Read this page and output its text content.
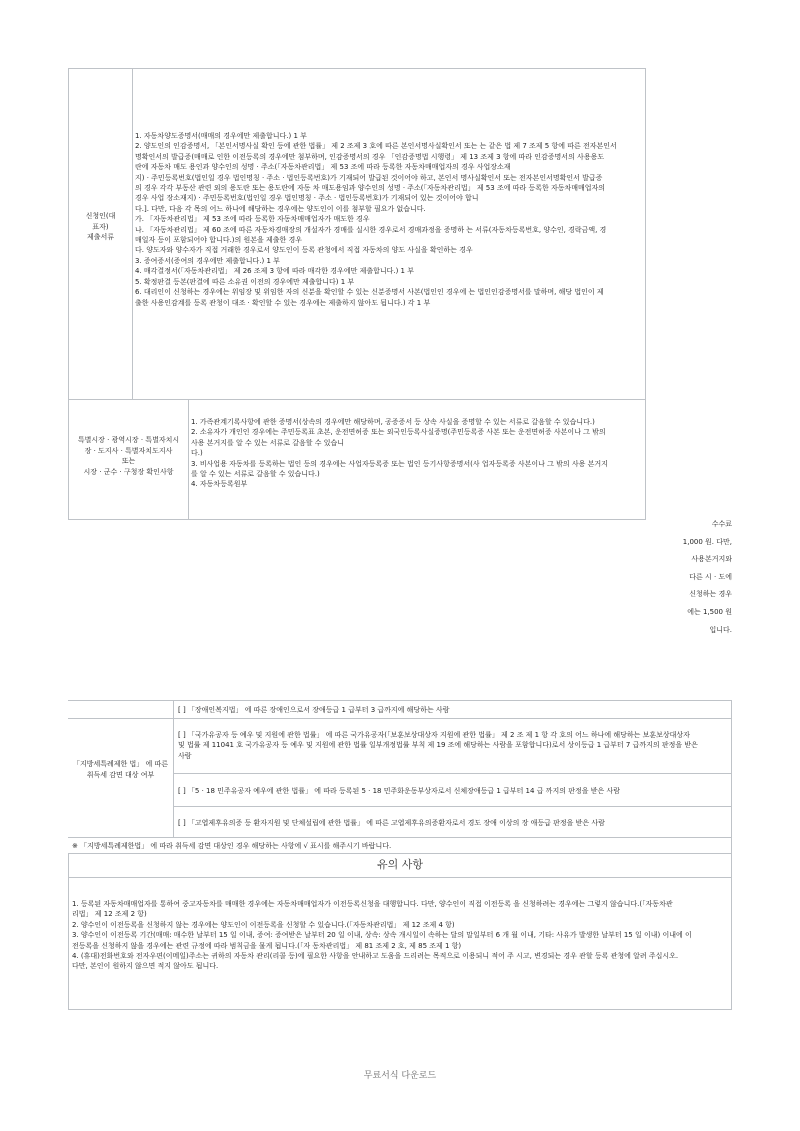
신청인(대
표자)
제출서류
1. 자동차양도증명서(매매의 경우에만 제출합니다.) 1 부
2. 양도인의 인감증명서, 「본인서명사실 확인 등에 관한 법률」 제 2 조제 3 호에 따른 본인서명사실확인서 또는 는 같은 법 제 7 조제 5 항에 따른 전자본인서
명확인서의 발급증(매매로 인한 이전등록의 경우에만 첨부하며, 인감증명서의 경우 「인감증명법 시행령」 제 13 조제 3 항에 따라 인감증명서의 사용용도
란에 자동차 매도 용인과 양수인의 성명 · 주소(「자동차관리법」 제 53 조에 따라 등록한 자동차매매업자의 경우 사업장소재
지) · 주민등록번호(법인일 경우 법인명칭 · 주소 · 법인등록번호)가 기재되어 발급된 것이어야 하고, 본인서 명사실확인서 또는 전자본인서명확인서 발급증
의 경우 각각 부동산 관련 외의 용도란 또는 용도란에 자동 차 매도용임과 양수인의 성명 · 주소(「자동차관리법」 제 53 조에 따라 등록한 자동차매매업자의
경우 사업 장소재지) · 주민등록번호(법인일 경우 법인명칭 · 주소 · 법인등록번호)가 기재되어 있는 것이어야 합니
다.]. 다만, 다음 각 목의 어느 하나에 해당하는 경우에는 양도인이 이를 첨부할 필요가 없습니다.
가. 「자동차관리법」 제 53 조에 따라 등록한 자동차매매업자가 매도한 경우
나. 「자동차관리법」 제 60 조에 따른 자동차경매장의 개설자가 경매를 실시한 경우로서 경매과정을 증명하 는 서류(자동차등록번호, 양수인, 경락금액, 경
매일자 등이 포함되어야 합니다.)의 원본을 제출한 경우
다. 양도자와 양수자가 직접 거래한 경우로서 양도인이 등록 관청에서 직접 자동차의 양도 사실을 확인하는 경우
3. 증여증서(증여의 경우에만 제출합니다.) 1 부
4. 매각결정서(「자동차관리법」 제 26 조제 3 항에 따라 매각한 경우에만 제출합니다.) 1 부
5. 확정판결 등본(판결에 따른 소유권 이전의 경우에만 제출합니다) 1 부
6. 대리인이 신청하는 경우에는 위임장 및 위임한 자의 신분을 확인할 수 있는 신분증명서 사본(법인인 경우에 는 법인인감증명서를 말하며, 해당 법인이 제
출한 사용인감계를 등록 관청이 대조 · 확인할 수 있는 경우에는 제출하지 않아도 됩니다.) 각 1 부
특별시장 · 광역시장 · 특별자치시
장 · 도지사 · 특별자치도지사
또는
시장 · 군수 · 구청장 확인사항
1. 가족관계기록사항에 관한 증명서(상속의 경우에만 해당하며, 공증증서 등 상속 사실을 증명할 수 있는 서류로 갈음할 수 있습니다.)
2. 소유자가 개인인 경우에는 주민등록표 초본, 운전면허증 또는 외국인등록사실증명(주민등록증 사본 또는 운전면허증 사본이나 그 밖의
사용 본거지를 알 수 있는 서류로 갈음할 수 있습니
다.)
3. 비사업용 자동차를 등록하는 법인 등의 경우에는 사업자등록증 또는 법인 등기사항증명서(사 업자등록증 사본이나 그 밖의 사용 본거지
를 알 수 있는 서류로 갈음할 수 있습니다.)
4. 자동차등록원부
수수료
1,000 원. 다만,
사용본거지와
다른 시 · 도에
신청하는 경우
에는 1,500 원
입니다.
「지방세특례제한 법」 에 따른
취득세 감면 대상 여부
[ ] 「장애인복지법」 에 따른 장애인으로서 장애등급 1 급부터 3 급까지에 해당하는 사람
[ ] 「국가유공자 등 예우 및 지원에 관한 법률」 에 따른 국가유공자(「보훈보상대상자 지원에 관한 법률」 제 2 조 제 1 항 각 호의 어느 하나에 해당하는 보훈보상대상자
및 법률 제 11041 호 국가유공자 등 예우 및 지원에 관한 법률 일부개정법률 부칙 제 19 조에 해당하는 사람을 포함합니다)로서 상이등급 1 급부터 7 급까지의 판정을 받은
사람
[ ] 「5 · 18 민주유공자 예우에 관한 법률」 에 따라 등록된 5 · 18 민주화운동부상자로서 신체장애등급 1 급부터 14 급 까지의 판정을 받은 사람
[ ] 「고엽제후유의증 등 환자지원 및 단체설립에 관한 법률」 에 따른 고엽제후유의증환자로서 경도 장애 이상의 장 애등급 판정을 받은 사람
※ 「지방세특례제한법」 에 따라 취득세 감면 대상인 경우 해당하는 사항에 √ 표시를 해주시기 바랍니다.
유의 사항
1. 등록된 자동차매매업자를 통하여 중고자동차를 매매한 경우에는 자동차매매업자가 이전등록신청을 대행합니다. 다만, 양수인이 직접 이전등록 을 신청하려는 경우에는 그렇지 않습니다.(「자동차관
리법」 제 12 조제 2 항)
2. 양수인이 이전등록을 신청하지 않는 경우에는 양도인이 이전등록을 신청할 수 있습니다.(「자동차관리법」 제 12 조제 4 항)
3. 양수인이 이전등록 기간(매매: 매수한 날부터 15 일 이내, 증여: 증여받은 날부터 20 일 이내, 상속: 상속 개시일이 속하는 달의 말일부터 6 개 월 이내, 기타: 사유가 발생한 날부터 15 일 이내) 이내에 이
전등록을 신청하지 않을 경우에는 관련 규정에 따라 범칙금을 물게 됩니다.(「자 동차관리법」 제 81 조제 2 호, 제 85 조제 1 항)
4. (휴대)전화번호와 전자우편(이메일)주소는 귀하의 자동차 관리(리콜 등)에 필요한 사항을 안내하고 도움을 드리려는 목적으로 이용되니 적어 주 시고, 변경되는 경우 관할 등록 관청에 알려 주십시오.
다만, 본인이 원하지 않으면 적지 않아도 됩니다.
무료서식 다운로드
